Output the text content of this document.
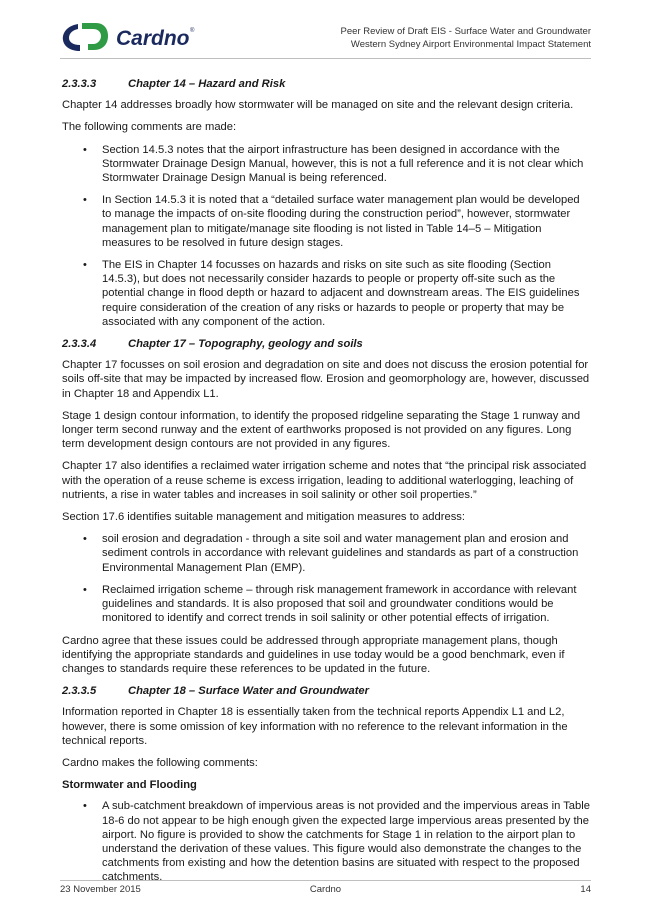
Cardno ®	Peer Review of Draft EIS - Surface Water and Groundwater
Western Sydney Airport Environmental Impact Statement
2.3.3.3	Chapter 14 – Hazard and Risk

Chapter 14 addresses broadly how stormwater will be managed on site and the relevant design criteria.

The following comments are made:

• Section 14.5.3 notes that the airport infrastructure has been designed in accordance with the Stormwater Drainage Design Manual, however, this is not a full reference and it is not clear which Stormwater Drainage Design Manual is being referenced.
• In Section 14.5.3 it is noted that a “detailed surface water management plan would be developed to manage the impacts of on-site flooding during the construction period”, however, stormwater management plan to mitigate/manage site flooding is not listed in Table 14–5 – Mitigation measures to be resolved in future design stages.
• The EIS in Chapter 14 focusses on hazards and risks on site such as site flooding (Section 14.5.3), but does not necessarily consider hazards to people or property off-site such as the potential change in flood depth or hazard to adjacent and downstream areas. The EIS guidelines require consideration of the creation of any risks or hazards to people or property that may be associated with any component of the action.
2.3.3.4	Chapter 17 – Topography, geology and soils

Chapter 17 focusses on soil erosion and degradation on site and does not discuss the erosion potential for soils off-site that may be impacted by increased flow. Erosion and geomorphology are, however, discussed in Chapter 18 and Appendix L1.

Stage 1 design contour information, to identify the proposed ridgeline separating the Stage 1 runway and longer term second runway and the extent of earthworks proposed is not provided on any figures. Long term development design contours are not provided in any figures.

Chapter 17 also identifies a reclaimed water irrigation scheme and notes that “the principal risk associated with the operation of a reuse scheme is excess irrigation, leading to additional waterlogging, leaching of nutrients, a rise in water tables and increases in soil salinity or other soil properties.”

Section 17.6 identifies suitable management and mitigation measures to address:

• soil erosion and degradation - through a site soil and water management plan and erosion and sediment controls in accordance with relevant guidelines and standards as part of a construction Environmental Management Plan (EMP).
• Reclaimed irrigation scheme – through risk management framework in accordance with relevant guidelines and standards. It is also proposed that soil and groundwater conditions would be monitored to identify and correct trends in soil salinity or other potential effects of irrigation.

Cardno agree that these issues could be addressed through appropriate management plans, though identifying the appropriate standards and guidelines in use today would be a good benchmark, even if changes to standards require these references to be updated in the future.

2.3.3.5	Chapter 18 – Surface Water and Groundwater

Information reported in Chapter 18 is essentially taken from the technical reports Appendix L1 and L2, however, there is some omission of key information with no reference to the relevant information in the technical reports.

Cardno makes the following comments:

Stormwater and Flooding
• A sub-catchment breakdown of impervious areas is not provided and the impervious areas in Table 18-6 do not appear to be high enough given the expected large impervious areas presented by the airport. No figure is provided to show the catchments for Stage 1 in relation to the airport plan to understand the derivation of these values. This figure would also demonstrate the changes to the catchments from existing and how the detention basins are situated with respect to the proposed catchments.
23 November 2015	Cardno	14
